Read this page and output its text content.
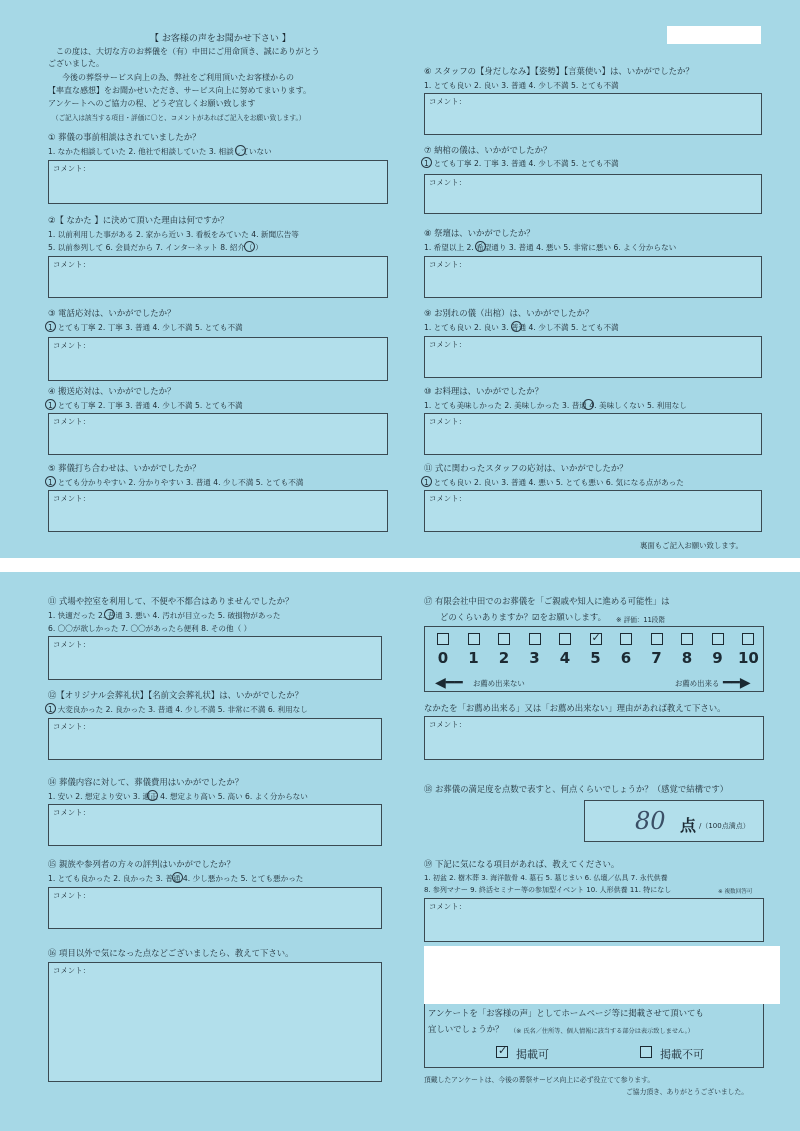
【 お客様の声をお聞かせ下さい 】
この度は、大切な方のお葬儀を（有）中田にご用命頂き、誠にありがとう
ございました。
今後の葬祭サービス向上の為、弊社をご利用頂いたお客様からの
【率直な感想】をお聞かせいただき、サービス向上に努めてまいります。
アンケートへのご協力の程、どうぞ宜しくお願い致します
（ご記入は該当する項目・評価に〇と、コメントがあればご記入をお願い致します。）
① 葬儀の事前相談はされていましたか？
1. なかた相談していた 2. 他社で相談していた 3. 相談していない
コメント：
②【 なかた 】に決めて頂いた理由は何ですか？
1. 以前利用した事がある 2. 家から近い 3. 看板をみていた 4. 新聞広告等
5. 以前参列して 6. 会員だから 7. インターネット 8. 紹介（ ）
コメント：
③ 電話応対は、いかがでしたか？
1. とても丁寧 2. 丁寧 3. 普通 4. 少し不満 5. とても不満
コメント：
④ 搬送応対は、いかがでしたか？
1. とても丁寧 2. 丁寧 3. 普通 4. 少し不満 5. とても不満
コメント：
⑤ 葬儀打ち合わせは、いかがでしたか？
1. とても分かりやすい 2. 分かりやすい 3. 普通 4. 少し不満 5. とても不満
コメント：
⑥ スタッフの【身だしなみ】【姿勢】【言葉使い】は、いかがでしたか？
1. とても良い 2. 良い 3. 普通 4. 少し不満 5. とても不満
コメント：
⑦ 納棺の儀は、いかがでしたか？
1. とても丁寧 2. 丁寧 3. 普通 4. 少し不満 5. とても不満
コメント：
⑧ 祭壇は、いかがでしたか？
1. 希望以上 2. 希望通り 3. 普通 4. 悪い 5. 非常に悪い 6. よく分からない
コメント：
⑨ お別れの儀（出棺）は、いかがでしたか？
1. とても良い 2. 良い 3. 普通 4. 少し不満 5. とても不満
コメント：
⑩ お料理は、いかがでしたか？
1. とても美味しかった 2. 美味しかった 3. 普通 4. 美味しくない 5. 利用なし
コメント：
⑪ 式に関わったスタッフの応対は、いかがでしたか？
1. とても良い 2. 良い 3. 普通 4. 悪い 5. とても悪い 6. 気になる点があった
コメント：
裏面もご記入お願い致します。
⑪ 式場や控室を利用して、不便や不都合はありませんでしたか？
1. 快適だった 2. 普通 3. 悪い 4. 汚れが目立った 5. 破損物があった
6. 〇〇が欲しかった 7. 〇〇があったら便利 8. その他（ ）
コメント：
⑫【オリジナル会葬礼状】【名前文会葬礼状】は、いかがでしたか？
1. 大変良かった 2. 良かった 3. 普通 4. 少し不満 5. 非常に不満 6. 利用なし
コメント：
⑭ 葬儀内容に対して、葬儀費用はいかがでしたか？
1. 安い 2. 想定より安い 3. 適正 4. 想定より高い 5. 高い 6. よく分からない
コメント：
⑮ 親族や参列者の方々の評判はいかがでしたか？
1. とても良かった 2. 良かった 3. 普通 4. 少し悪かった 5. とても悪かった
コメント：
⑯ 項目以外で気になった点などございましたら、教えて下さい。
コメント：
⑰ 有限会社中田でのお葬儀を「ご親戚や知人に進める可能性」は
どのくらいありますか？☑をお願いします。 ※ 評価：11段階
0	1	2	3	4
✓
5	6	7	8	9	10
◀━━ お薦め出来ない	お薦め出来る ━━▶
なかたを「お薦め出来る」又は「お薦め出来ない」理由があれば教えて下さい。
コメント：
⑱ お葬儀の満足度を点数で表すと、何点くらいでしょうか？（感覚で結構です）
80 点 /（100点満点）
⑲ 下記に気になる項目があれば、教えてください。
1. 初盆 2. 樹木葬 3. 海洋散骨 4. 墓石 5. 墓じまい 6. 仏壇／仏具 7. 永代供養
8. 参列マナー 9. 終活セミナー等の参加型イベント 10. 人形供養 11. 特になし	※ 複数回答可
コメント：
アンケートを「お客様の声」としてホームページ等に掲載させて頂いても
宜しいでしょうか？ （※ 氏名／住所等、個人情報に該当する部分は表示致しません。）
✓ 掲載可	掲載不可
頂戴したアンケートは、今後の葬祭サービス向上に必ず役立てて参ります。
ご協力頂き、ありがとうございました。
